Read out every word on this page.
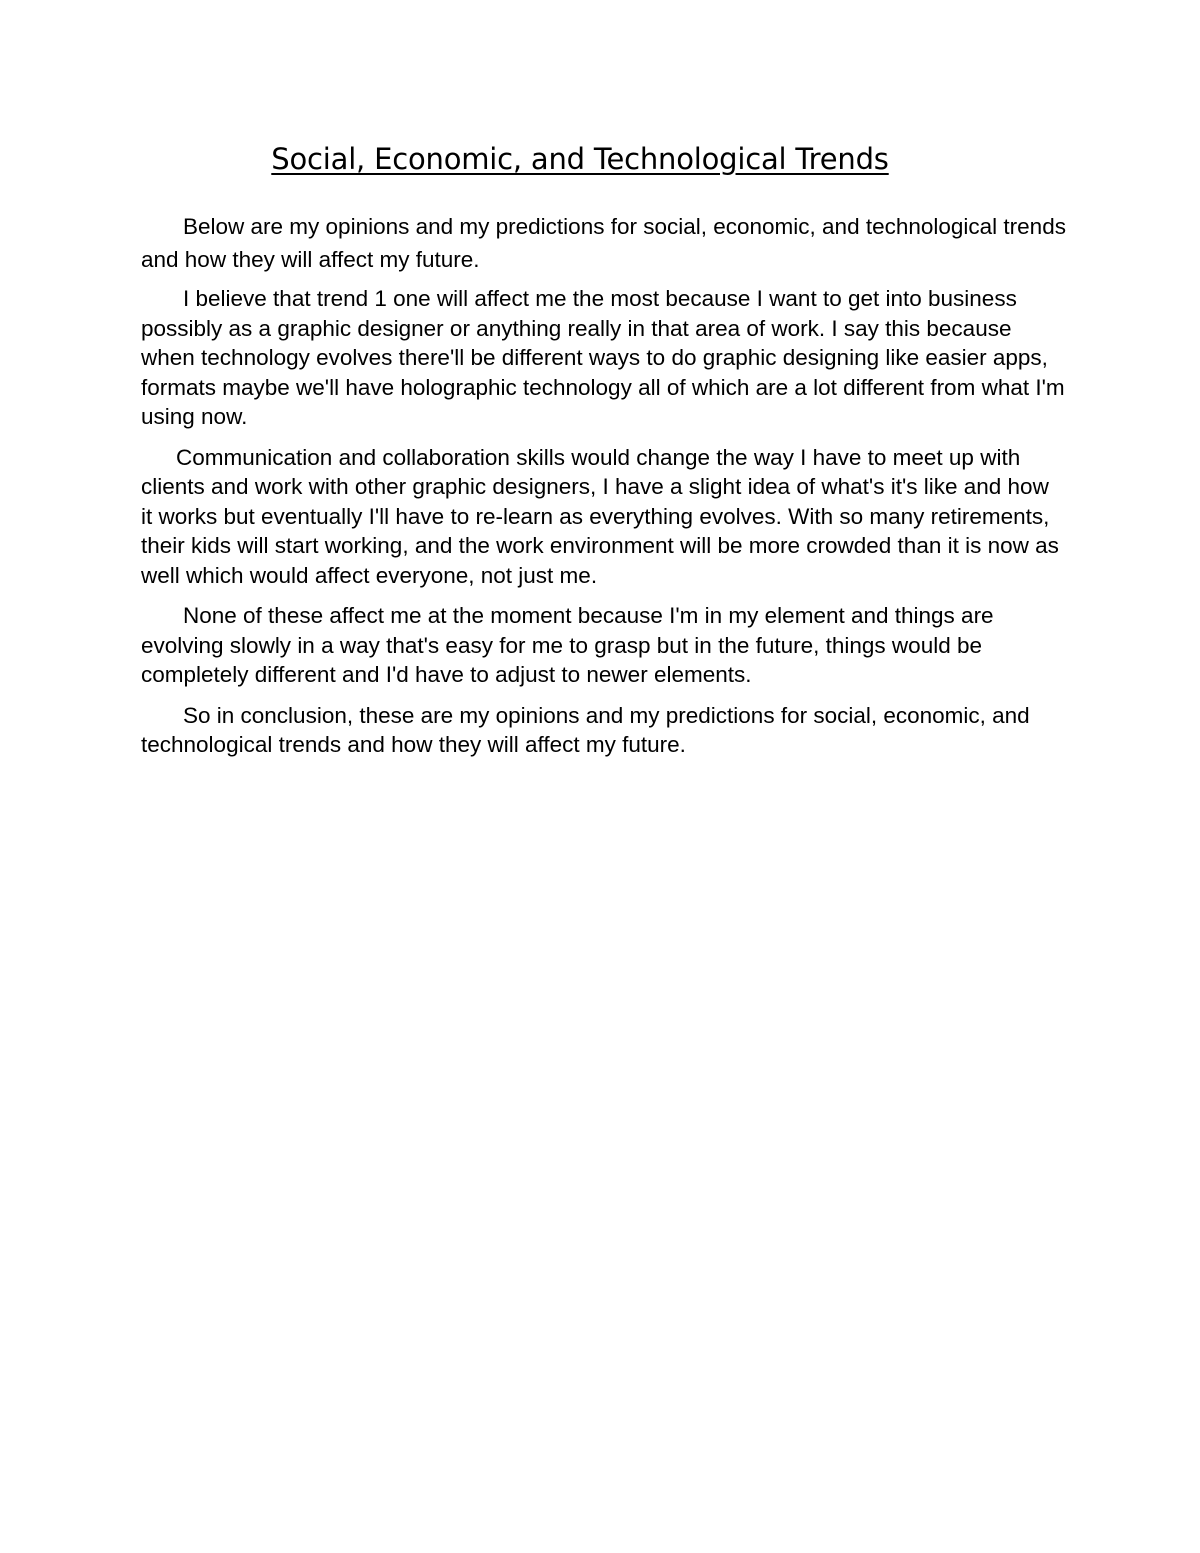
Social, Economic, and Technological Trends

Below are my opinions and my predictions for social, economic, and technological trends and how they will affect my future.

I believe that trend 1 one will affect me the most because I want to get into business possibly as a graphic designer or anything really in that area of work. I say this because when technology evolves there'll be different ways to do graphic designing like easier apps, formats maybe we'll have holographic technology all of which are a lot different from what I'm using now.

Communication and collaboration skills would change the way I have to meet up with clients and work with other graphic designers, I have a slight idea of what's it's like and how it works but eventually I'll have to re-learn as everything evolves. With so many retirements, their kids will start working, and the work environment will be more crowded than it is now as well which would affect everyone, not just me.

None of these affect me at the moment because I'm in my element and things are evolving slowly in a way that's easy for me to grasp but in the future, things would be completely different and I'd have to adjust to newer elements.

So in conclusion, these are my opinions and my predictions for social, economic, and technological trends and how they will affect my future.
